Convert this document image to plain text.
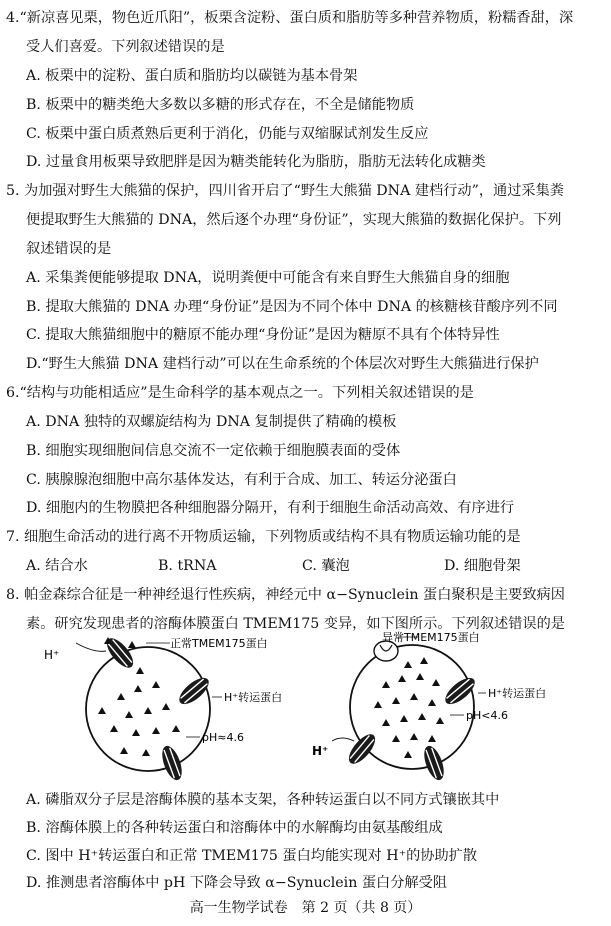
4.“新凉喜见栗，物色近爪阳”，板栗含淀粉、蛋白质和脂肪等多种营养物质，粉糯香甜，深
受人们喜爱。下列叙述错误的是
A. 板栗中的淀粉、蛋白质和脂肪均以碳链为基本骨架
B. 板栗中的糖类绝大多数以多糖的形式存在，不全是储能物质
C. 板栗中蛋白质煮熟后更利于消化，仍能与双缩脲试剂发生反应
D. 过量食用板栗导致肥胖是因为糖类能转化为脂肪，脂肪无法转化成糖类
5. 为加强对野生大熊猫的保护，四川省开启了“野生大熊猫 DNA 建档行动”，通过采集粪
便提取野生大熊猫的 DNA，然后逐个办理“身份证”，实现大熊猫的数据化保护。下列
叙述错误的是
A. 采集粪便能够提取 DNA，说明粪便中可能含有来自野生大熊猫自身的细胞
B. 提取大熊猫的 DNA 办理“身份证”是因为不同个体中 DNA 的核糖核苷酸序列不同
C. 提取大熊猫细胞中的糖原不能办理“身份证”是因为糖原不具有个体特异性
D.“野生大熊猫 DNA 建档行动”可以在生命系统的个体层次对野生大熊猫进行保护
6.“结构与功能相适应”是生命科学的基本观点之一。下列相关叙述错误的是
A. DNA 独特的双螺旋结构为 DNA 复制提供了精确的模板
B. 细胞实现细胞间信息交流不一定依赖于细胞膜表面的受体
C. 胰腺腺泡细胞中高尔基体发达，有利于合成、加工、转运分泌蛋白
D. 细胞内的生物膜把各种细胞器分隔开，有利于细胞生命活动高效、有序进行
7. 细胞生命活动的进行离不开物质运输，下列物质或结构不具有物质运输功能的是
A. 结合水	B. tRNA	C. 囊泡	D. 细胞骨架
8. 帕金森综合征是一种神经退行性疾病，神经元中 α−Synuclein 蛋白聚积是主要致病因
素。研究发现患者的溶酶体膜蛋白 TMEM175 变异，如下图所示。下列叙述错误的是
H⁺
正常TMEM175蛋白
H⁺转运蛋白
pH≈4.6
异常TMEM175蛋白
H⁺转运蛋白
pH<4.6
H⁺
A. 磷脂双分子层是溶酶体膜的基本支架，各种转运蛋白以不同方式镶嵌其中
B. 溶酶体膜上的各种转运蛋白和溶酶体中的水解酶均由氨基酸组成
C. 图中 H⁺转运蛋白和正常 TMEM175 蛋白均能实现对 H⁺的协助扩散
D. 推测患者溶酶体中 pH 下降会导致 α−Synuclein 蛋白分解受阻
高一生物学试卷　第 2 页（共 8 页）
